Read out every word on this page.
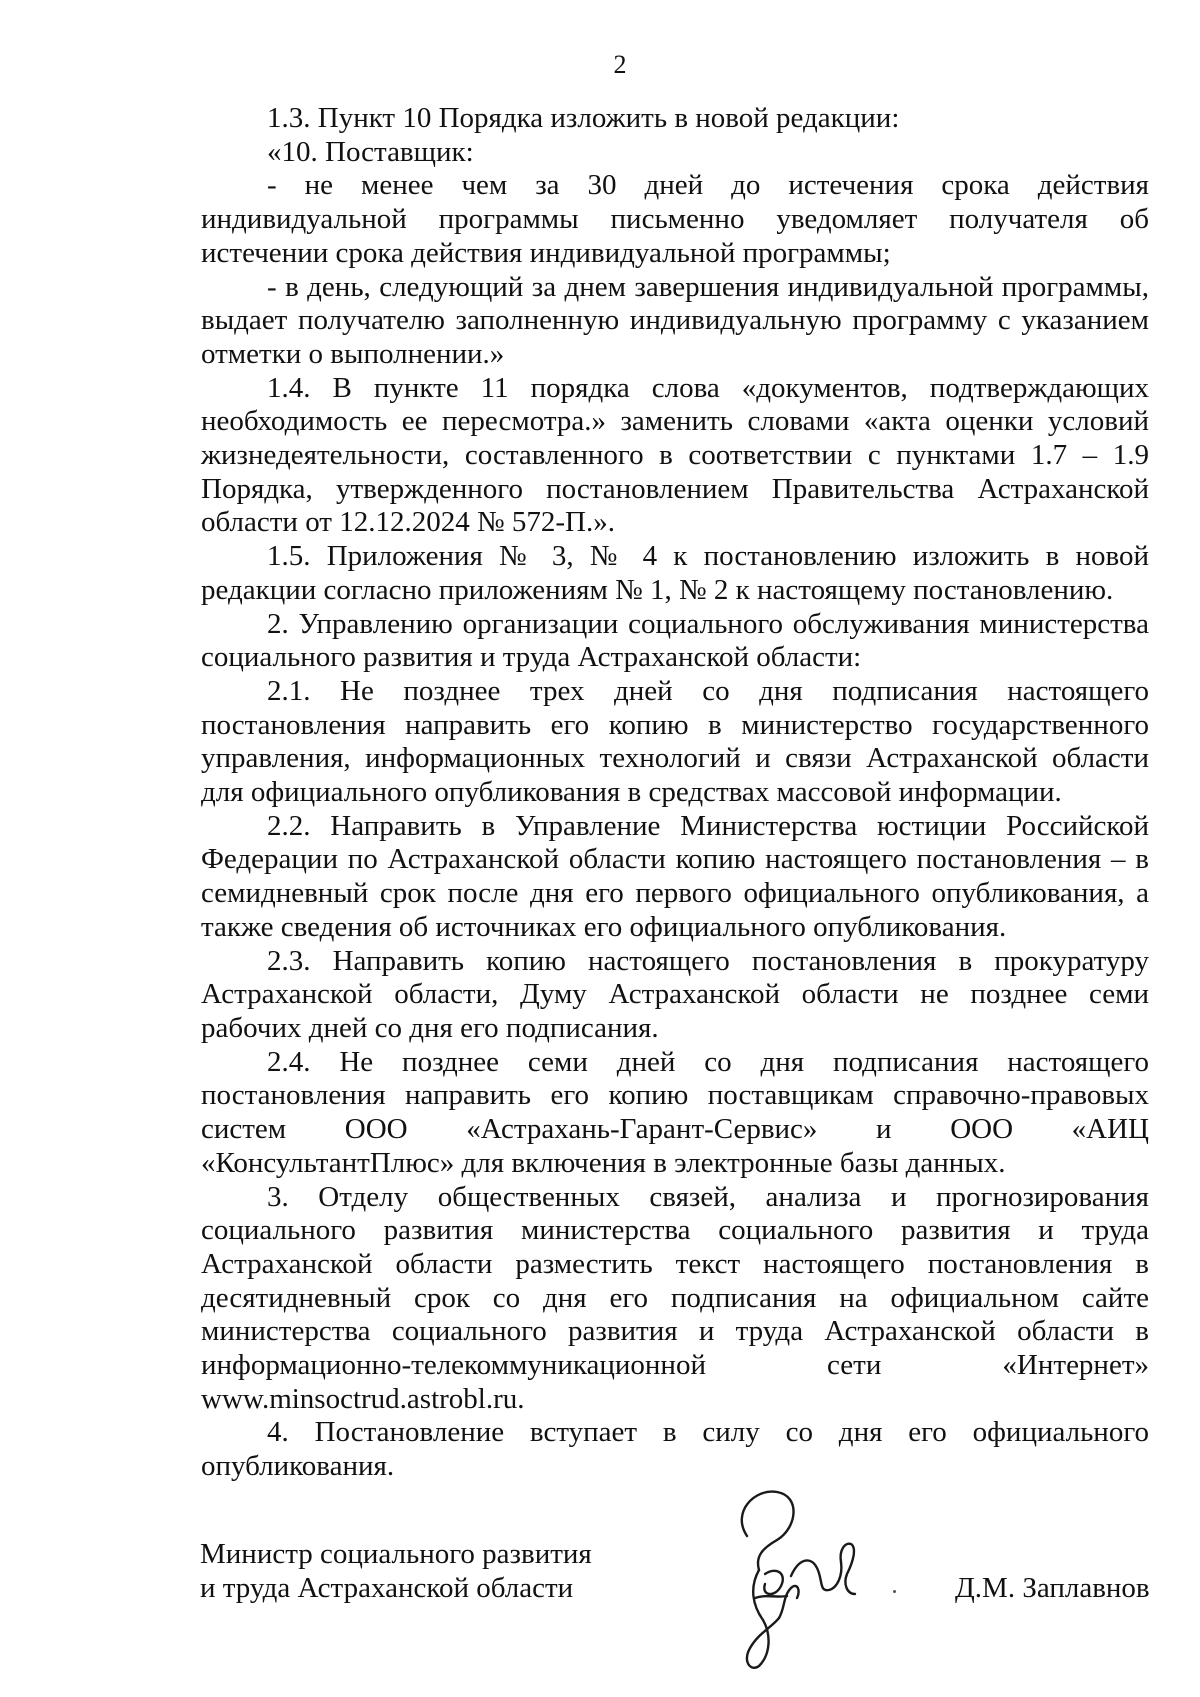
2

1.3. Пункт 10 Порядка изложить в новой редакции:

«10. Поставщик:

- не менее чем за 30 дней до истечения срока действия индивидуальной программы письменно уведомляет получателя об истечении срока действия индивидуальной программы;

- в день, следующий за днем завершения индивидуальной программы, выдает получателю заполненную индивидуальную программу с указанием отметки о выполнении.»

1.4. В пункте 11 порядка слова «документов, подтверждающих необходимость ее пересмотра.» заменить словами «акта оценки условий жизнедеятельности, составленного в соответствии с пунктами 1.7 – 1.9 Порядка, утвержденного постановлением Правительства Астраханской области от 12.12.2024 № 572-П.».

1.5. Приложения № 3, № 4 к постановлению изложить в новой редакции согласно приложениям № 1, № 2 к настоящему постановлению.

2. Управлению организации социального обслуживания министерства социального развития и труда Астраханской области:

2.1. Не позднее трех дней со дня подписания настоящего постановления направить его копию в министерство государственного управления, информационных технологий и связи Астраханской области для официального опубликования в средствах массовой информации.

2.2. Направить в Управление Министерства юстиции Российской Федерации по Астраханской области копию настоящего постановления – в семидневный срок после дня его первого официального опубликования, а также сведения об источниках его официального опубликования.

2.3. Направить копию настоящего постановления в прокуратуру Астраханской области, Думу Астраханской области не позднее семи рабочих дней со дня его подписания.

2.4. Не позднее семи дней со дня подписания настоящего постановления направить его копию поставщикам справочно-правовых систем ООО «Астрахань-Гарант-Сервис» и ООО «АИЦ «КонсультантПлюс» для включения в электронные базы данных.

3. Отделу общественных связей, анализа и прогнозирования социального развития министерства социального развития и труда Астраханской области разместить текст настоящего постановления в десятидневный срок со дня его подписания на официальном сайте министерства социального развития и труда Астраханской области в информационно-телекоммуникационной сети «Интернет» www.minsoctrud.astrobl.ru.

4. Постановление вступает в силу со дня его официального опубликования.

Министр социального развития
и труда Астраханской области	Д.М. Заплавнов
